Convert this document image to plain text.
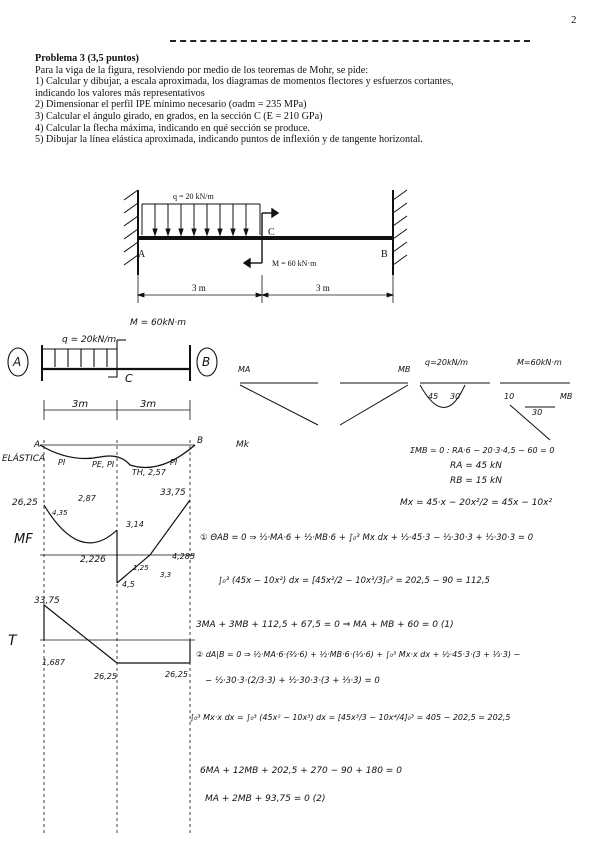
2

Problema 3 (3,5 puntos)

Para la viga de la figura, resolviendo por medio de los teoremas de Mohr, se pide:

1) Calcular y dibujar, a escala aproximada, los diagramas de momentos flectores y esfuerzos cortantes,

indicando los valores más representativos

2) Dimensionar el perfil IPE mínimo necesario (σadm = 235 MPa)

3) Calcular el ángulo girado, en grados, en la sección C (E = 210 GPa)

4) Calcular la flecha máxima, indicando en qué sección se produce.

5) Dibujar la línea elástica aproximada, indicando puntos de inflexión y de tangente horizontal.

q = 20 kN/m
C
M = 60 kN·m
A	B
3 m	3 m
q = 20kN/m
M = 60kN·m
A	B
C
3m	3m
MA	MB
q=20kN/m	M=60kN·m
45 30	10
30
Mk
MB
ΣMB = 0 : RA·6 − 20·3·4,5 − 60 = 0
RA = 45 kN
RB = 15 kN
Mx = 45·x − 20x²/2 = 45x − 10x²
ELÁSTICA
A	B
PI	PE, PI
TH, 2,57
PI
MF
26,25	2,87
33,75
4,35
3,14
2,226	4,285
1,25
4,5
3,3
T
33,75
1,687
26,25	26,25
① ΘAB = 0 ⇒ ½·MA·6 + ½·MB·6 + ∫₀³ Mx dx + ½·45·3 − ½·30·3 + ½·30·3 = 0
∫₀³ (45x − 10x²) dx = [45x²/2 − 10x³/3]₀³ = 202,5 − 90 = 112,5
3MA + 3MB + 112,5 + 67,5 = 0 ⇒ MA + MB + 60 = 0 (1)
② dA|B = 0 ⇒ ½·MA·6·(⅔·6) + ½·MB·6·(⅓·6) + ∫₀³ Mx·x dx + ½·45·3·(3 + ⅓·3) −
− ½·30·3·(2/3·3) + ½·30·3·(3 + ⅓·3) = 0
∫₀³ Mx·x dx = ∫₀³ (45x² − 10x³) dx = [45x³/3 − 10x⁴/4]₀³ = 405 − 202,5 = 202,5
6MA + 12MB + 202,5 + 270 − 90 + 180 = 0
MA + 2MB + 93,75 = 0 (2)
